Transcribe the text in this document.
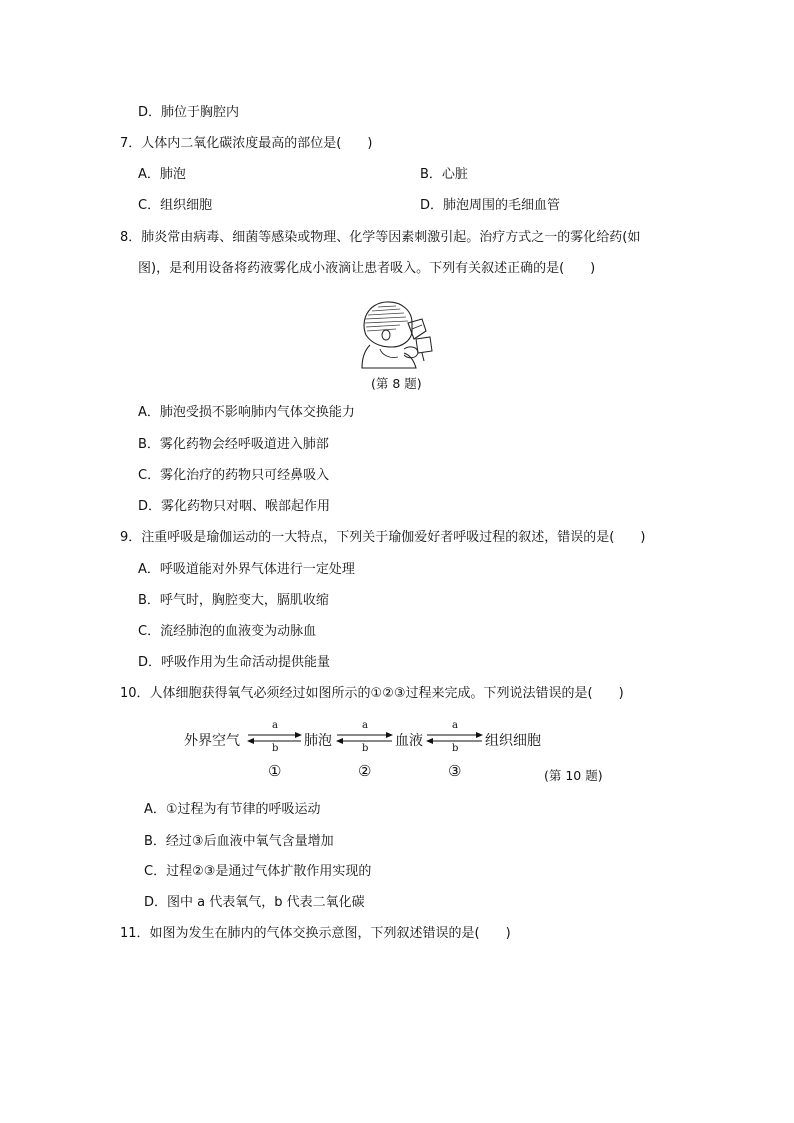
D．肺位于胸腔内
7．人体内二氧化碳浓度最高的部位是(　　)
A．肺泡	B．心脏
C．组织细胞	D．肺泡周围的毛细血管
8．肺炎常由病毒、细菌等感染或物理、化学等因素刺激引起。治疗方式之一的雾化给药(如
图)，是利用设备将药液雾化成小液滴让患者吸入。下列有关叙述正确的是(　　)
(第 8 题)
A．肺泡受损不影响肺内气体交换能力
B．雾化药物会经呼吸道进入肺部
C．雾化治疗的药物只可经鼻吸入
D．雾化药物只对咽、喉部起作用
9．注重呼吸是瑜伽运动的一大特点，下列关于瑜伽爱好者呼吸过程的叙述，错误的是(　　)
A．呼吸道能对外界气体进行一定处理
B．呼气时，胸腔变大，膈肌收缩
C．流经肺泡的血液变为动脉血
D．呼吸作用为生命活动提供能量
10．人体细胞获得氧气必须经过如图所示的①②③过程来完成。下列说法错误的是(　　)
外界空气	肺泡	血液	组织细胞
a
b
a
b
a
b
①	②	③	(第 10 题)
A．①过程为有节律的呼吸运动
B．经过③后血液中氧气含量增加
C．过程②③是通过气体扩散作用实现的
D．图中 a 代表氧气，b 代表二氧化碳
11．如图为发生在肺内的气体交换示意图，下列叙述错误的是(　　)
